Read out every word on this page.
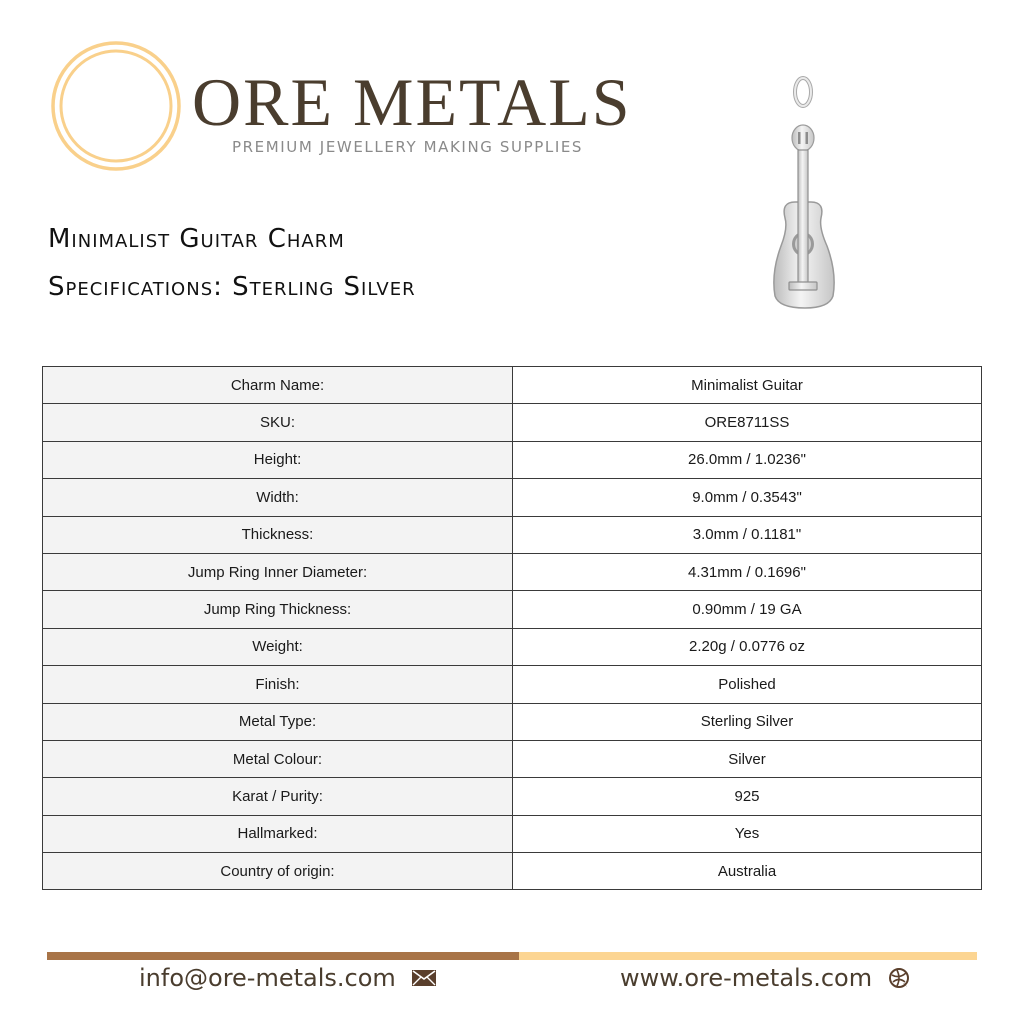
ORE METALS
PREMIUM JEWELLERY MAKING SUPPLIES
Minimalist Guitar Charm
Specifications: Sterling Silver
Charm Name:	Minimalist Guitar
SKU:	ORE8711SS
Height:	26.0mm / 1.0236"
Width:	9.0mm / 0.3543"
Thickness:	3.0mm / 0.1181"
Jump Ring Inner Diameter:	4.31mm / 0.1696"
Jump Ring Thickness:	0.90mm / 19 GA
Weight:	2.20g / 0.0776 oz
Finish:	Polished
Metal Type:	Sterling Silver
Metal Colour:	Silver
Karat / Purity:	925
Hallmarked:	Yes
Country of origin:	Australia
info@ore-metals.com	www.ore-metals.com
